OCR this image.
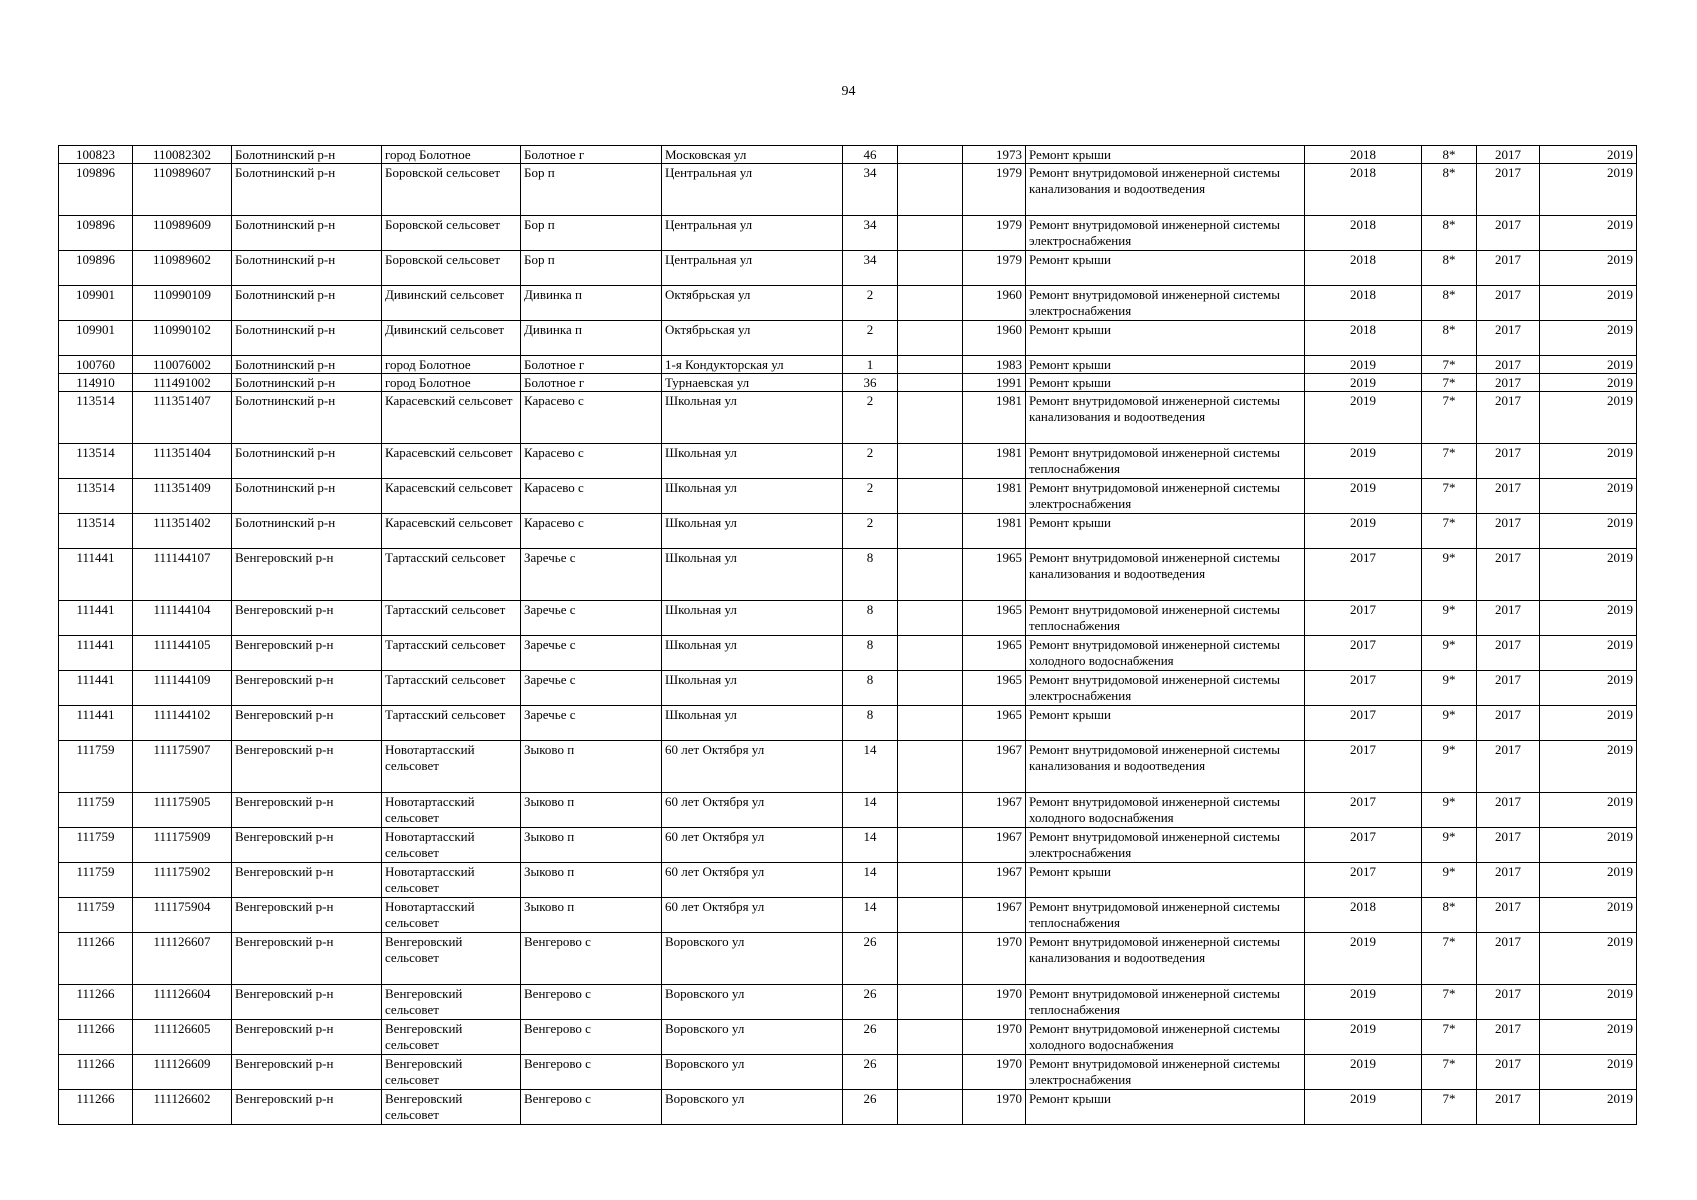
94
100823	110082302	Болотнинский р-н	город Болотное	Болотное г	Московская ул	46		1973	Ремонт крыши	2018	8*	2017	2019
109896	110989607	Болотнинский р-н	Боровской сельсовет	Бор п	Центральная ул	34		1979	Ремонт внутридомовой инженерной системы канализования и водоотведения	2018	8*	2017	2019
109896	110989609	Болотнинский р-н	Боровской сельсовет	Бор п	Центральная ул	34		1979	Ремонт внутридомовой инженерной системы электроснабжения	2018	8*	2017	2019
109896	110989602	Болотнинский р-н	Боровской сельсовет	Бор п	Центральная ул	34		1979	Ремонт крыши	2018	8*	2017	2019
109901	110990109	Болотнинский р-н	Дивинский сельсовет	Дивинка п	Октябрьская ул	2		1960	Ремонт внутридомовой инженерной системы электроснабжения	2018	8*	2017	2019
109901	110990102	Болотнинский р-н	Дивинский сельсовет	Дивинка п	Октябрьская ул	2		1960	Ремонт крыши	2018	8*	2017	2019
100760	110076002	Болотнинский р-н	город Болотное	Болотное г	1-я Кондукторская ул	1		1983	Ремонт крыши	2019	7*	2017	2019
114910	111491002	Болотнинский р-н	город Болотное	Болотное г	Турнаевская ул	36		1991	Ремонт крыши	2019	7*	2017	2019
113514	111351407	Болотнинский р-н	Карасевский сельсовет	Карасево с	Школьная ул	2		1981	Ремонт внутридомовой инженерной системы канализования и водоотведения	2019	7*	2017	2019
113514	111351404	Болотнинский р-н	Карасевский сельсовет	Карасево с	Школьная ул	2		1981	Ремонт внутридомовой инженерной системы теплоснабжения	2019	7*	2017	2019
113514	111351409	Болотнинский р-н	Карасевский сельсовет	Карасево с	Школьная ул	2		1981	Ремонт внутридомовой инженерной системы электроснабжения	2019	7*	2017	2019
113514	111351402	Болотнинский р-н	Карасевский сельсовет	Карасево с	Школьная ул	2		1981	Ремонт крыши	2019	7*	2017	2019
111441	111144107	Венгеровский р-н	Тартасский сельсовет	Заречье с	Школьная ул	8		1965	Ремонт внутридомовой инженерной системы канализования и водоотведения	2017	9*	2017	2019
111441	111144104	Венгеровский р-н	Тартасский сельсовет	Заречье с	Школьная ул	8		1965	Ремонт внутридомовой инженерной системы теплоснабжения	2017	9*	2017	2019
111441	111144105	Венгеровский р-н	Тартасский сельсовет	Заречье с	Школьная ул	8		1965	Ремонт внутридомовой инженерной системы холодного водоснабжения	2017	9*	2017	2019
111441	111144109	Венгеровский р-н	Тартасский сельсовет	Заречье с	Школьная ул	8		1965	Ремонт внутридомовой инженерной системы электроснабжения	2017	9*	2017	2019
111441	111144102	Венгеровский р-н	Тартасский сельсовет	Заречье с	Школьная ул	8		1965	Ремонт крыши	2017	9*	2017	2019
111759	111175907	Венгеровский р-н	Новотартасский сельсовет	Зыково п	60 лет Октября ул	14		1967	Ремонт внутридомовой инженерной системы канализования и водоотведения	2017	9*	2017	2019
111759	111175905	Венгеровский р-н	Новотартасский сельсовет	Зыково п	60 лет Октября ул	14		1967	Ремонт внутридомовой инженерной системы холодного водоснабжения	2017	9*	2017	2019
111759	111175909	Венгеровский р-н	Новотартасский сельсовет	Зыково п	60 лет Октября ул	14		1967	Ремонт внутридомовой инженерной системы электроснабжения	2017	9*	2017	2019
111759	111175902	Венгеровский р-н	Новотартасский сельсовет	Зыково п	60 лет Октября ул	14		1967	Ремонт крыши	2017	9*	2017	2019
111759	111175904	Венгеровский р-н	Новотартасский сельсовет	Зыково п	60 лет Октября ул	14		1967	Ремонт внутридомовой инженерной системы теплоснабжения	2018	8*	2017	2019
111266	111126607	Венгеровский р-н	Венгеровский сельсовет	Венгерово с	Воровского ул	26		1970	Ремонт внутридомовой инженерной системы канализования и водоотведения	2019	7*	2017	2019
111266	111126604	Венгеровский р-н	Венгеровский сельсовет	Венгерово с	Воровского ул	26		1970	Ремонт внутридомовой инженерной системы теплоснабжения	2019	7*	2017	2019
111266	111126605	Венгеровский р-н	Венгеровский сельсовет	Венгерово с	Воровского ул	26		1970	Ремонт внутридомовой инженерной системы холодного водоснабжения	2019	7*	2017	2019
111266	111126609	Венгеровский р-н	Венгеровский сельсовет	Венгерово с	Воровского ул	26		1970	Ремонт внутридомовой инженерной системы электроснабжения	2019	7*	2017	2019
111266	111126602	Венгеровский р-н	Венгеровский сельсовет	Венгерово с	Воровского ул	26		1970	Ремонт крыши	2019	7*	2017	2019
